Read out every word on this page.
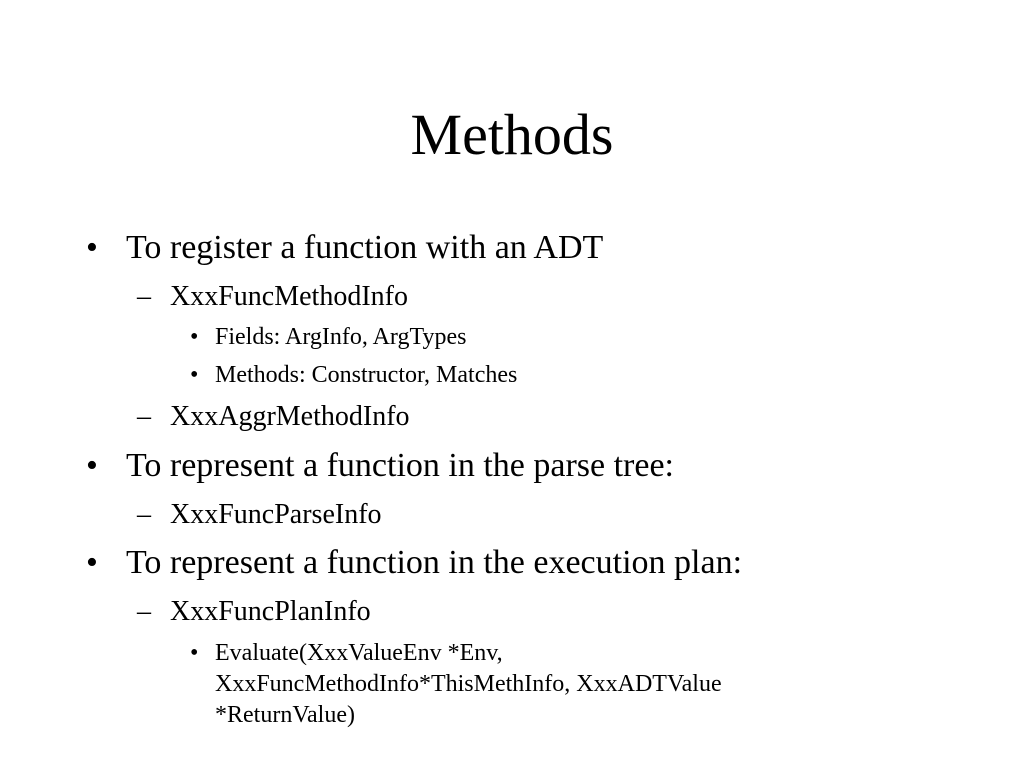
Methods
• To register a function with an ADT
– XxxFuncMethodInfo
• Fields: ArgInfo, ArgTypes
• Methods: Constructor, Matches
– XxxAggrMethodInfo
• To represent a function in the parse tree:
– XxxFuncParseInfo
• To represent a function in the execution plan:
– XxxFuncPlanInfo
• Evaluate(XxxValueEnv *Env,
XxxFuncMethodInfo*ThisMethInfo, XxxADTValue
*ReturnValue)
